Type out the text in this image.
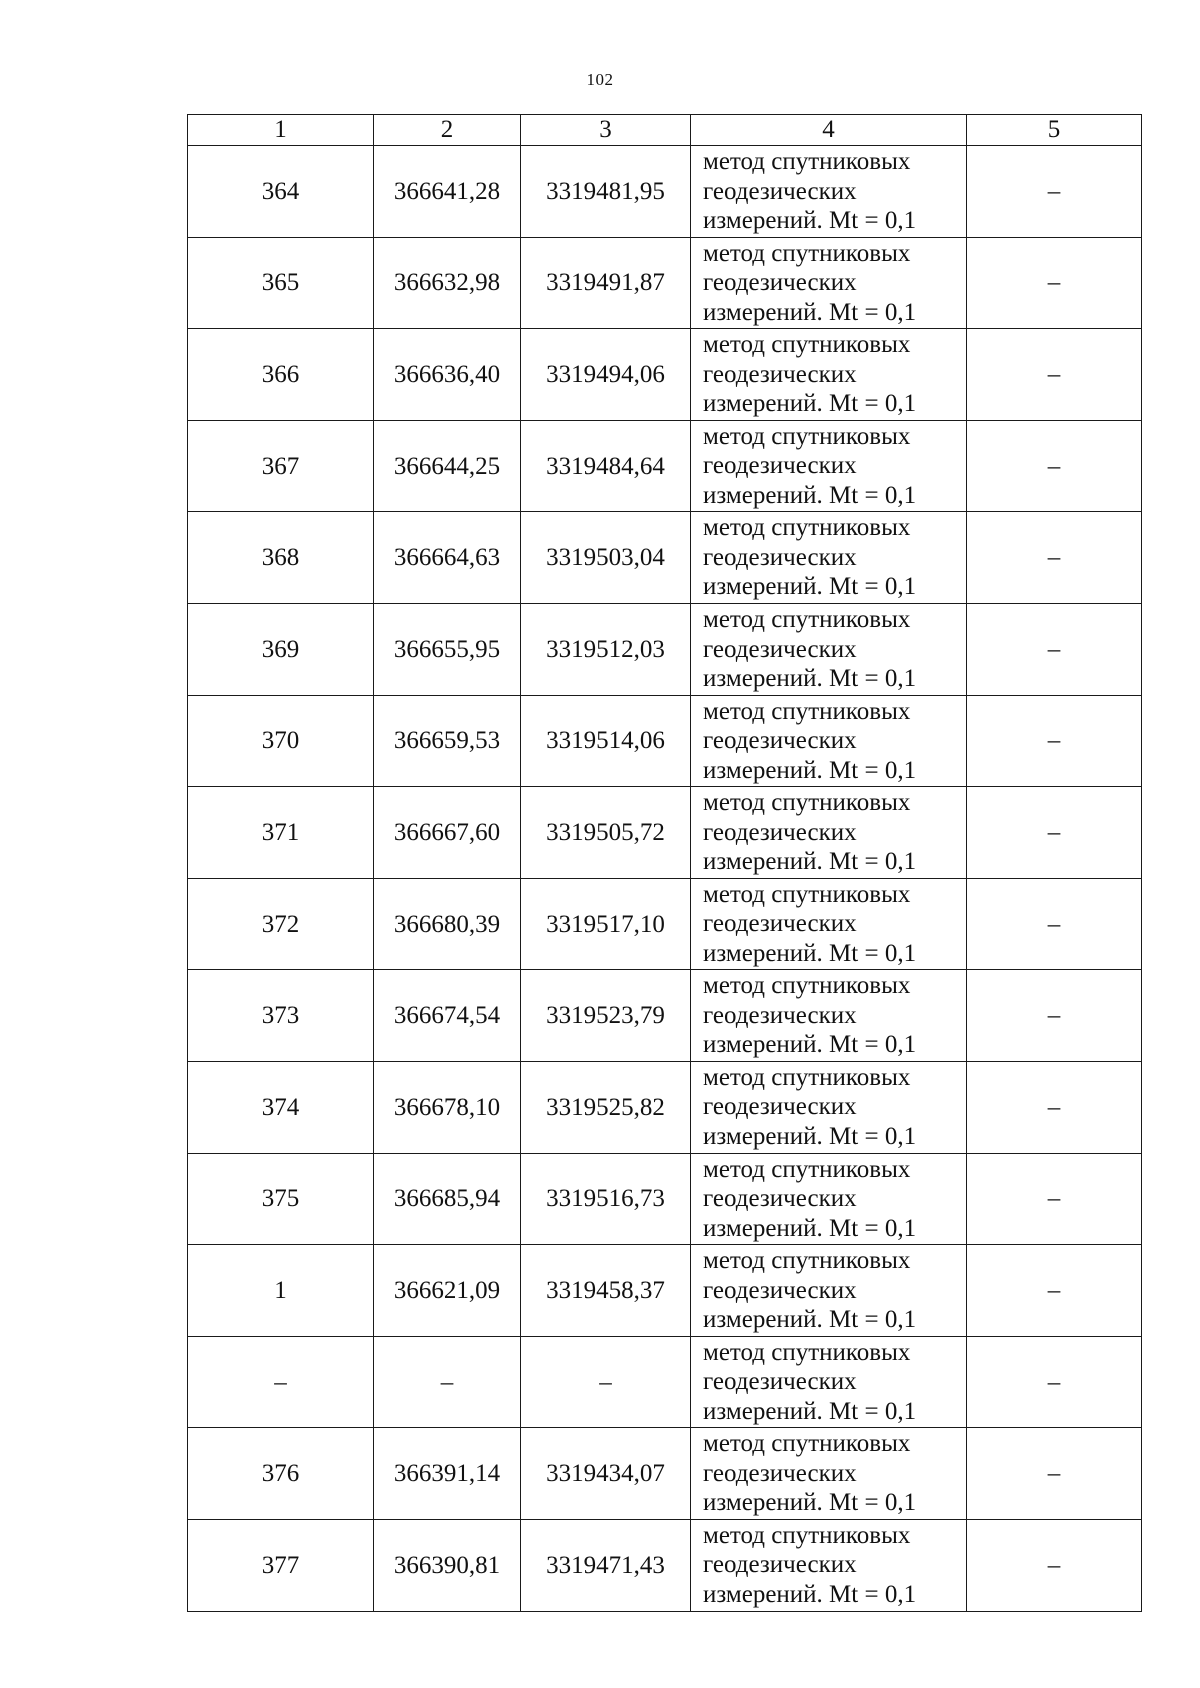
102
1	2	3	4	5
364	366641,28	3319481,95	метод спутниковых
геодезических
измерений. Mt = 0,1	–
365	366632,98	3319491,87	метод спутниковых
геодезических
измерений. Mt = 0,1	–
366	366636,40	3319494,06	метод спутниковых
геодезических
измерений. Mt = 0,1	–
367	366644,25	3319484,64	метод спутниковых
геодезических
измерений. Mt = 0,1	–
368	366664,63	3319503,04	метод спутниковых
геодезических
измерений. Mt = 0,1	–
369	366655,95	3319512,03	метод спутниковых
геодезических
измерений. Mt = 0,1	–
370	366659,53	3319514,06	метод спутниковых
геодезических
измерений. Mt = 0,1	–
371	366667,60	3319505,72	метод спутниковых
геодезических
измерений. Mt = 0,1	–
372	366680,39	3319517,10	метод спутниковых
геодезических
измерений. Mt = 0,1	–
373	366674,54	3319523,79	метод спутниковых
геодезических
измерений. Mt = 0,1	–
374	366678,10	3319525,82	метод спутниковых
геодезических
измерений. Mt = 0,1	–
375	366685,94	3319516,73	метод спутниковых
геодезических
измерений. Mt = 0,1	–
1	366621,09	3319458,37	метод спутниковых
геодезических
измерений. Mt = 0,1	–
–	–	–	метод спутниковых
геодезических
измерений. Mt = 0,1	–
376	366391,14	3319434,07	метод спутниковых
геодезических
измерений. Mt = 0,1	–
377	366390,81	3319471,43	метод спутниковых
геодезических
измерений. Mt = 0,1	–
